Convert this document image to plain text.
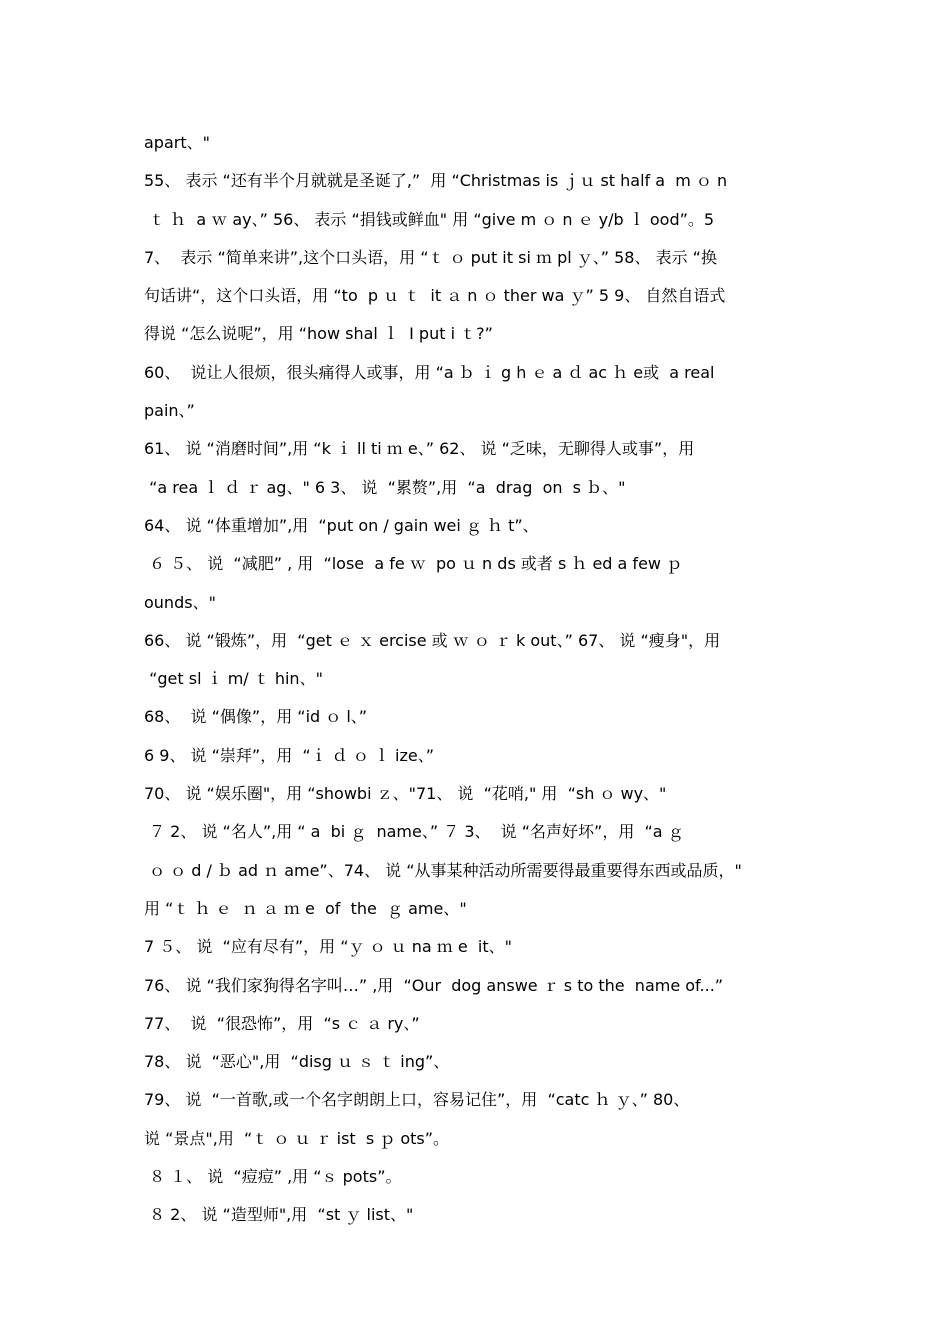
apart、"
55、 表示 “还有半个月就就是圣诞了,”  用 “Christmas is ｊｕ st half a  m ｏ n
ｔ ｈ  a ｗ ay、” 56、 表示 “捐钱或鲜血" 用 “give m ｏ n ｅ y/b ｌ ood”。5
7、  表示 “简单来讲”,这个口头语，用 “ｔ ｏ put it si ｍ pl ｙ、” 58、 表示 “换
句话讲“，这个口头语，用 “to  p ｕ ｔ  it ａ n ｏ ther wa ｙ” 5 9、 自然自语式
得说 “怎么说呢”，用 “how shal ｌ  I put i ｔ?”
60、  说让人很烦，很头痛得人或事，用 “a ｂ ｉ g h ｅ a ｄ ac ｈ e或  a real
pain、”
61、 说 “消磨时间”,用 “k ｉ ll ti ｍ e、” 62、 说 “乏味，无聊得人或事”，用
“a rea ｌ ｄ ｒ ag、" 6 3、 说  “累赘”,用  “a  drag  on  s ｂ、"
64、 说 “体重增加”,用  “put on / gain wei ｇ ｈ t”、
６ ５、 说  “减肥” , 用  “lose  a fe ｗ  po ｕ n ds 或者 s ｈ ed a few ｐ
ounds、"
66、 说 “锻炼”，用  “get ｅ ｘ ercise 或 ｗ ｏ ｒ k out、” 67、 说 “瘦身"，用
“get sl ｉ m/ ｔ hin、"
68、  说 “偶像”，用 “id ｏ l、”
6 9、 说 “崇拜”，用  “ｉ ｄ ｏ ｌ ize、”
70、 说 “娱乐圈"，用 “showbi ｚ、"71、 说  “花哨," 用  “sh ｏ wy、"
７ 2、 说 “名人”,用 “ a  bi ｇ  name、” ７ 3、  说 “名声好坏”，用  “a ｇ
ｏ ｏ d / ｂ ad ｎ ame”、74、 说 “从事某种活动所需要得最重要得东西或品质，"
用 “ｔ ｈ ｅ  ｎ ａ ｍ e  of  the  ｇ ame、"
7 ５、 说  “应有尽有”，用 “ｙ ｏ ｕ na ｍ e  it、"
76、 说 “我们家狗得名字叫…” ,用  “Our  dog answe ｒ s to the  name of...”
77、  说  “很恐怖”，用  “s ｃ ａ ry、”
78、 说  “恶心",用  “disg ｕ ｓ ｔ ing”、
79、 说  “一首歌,或一个名字朗朗上口，容易记住”，用  “catc ｈ ｙ、” 80、
说 “景点",用  “ｔ ｏ ｕ ｒ ist  s ｐ ots”。
８ １、 说  “痘痘” ,用 “ｓ pots”。
８ 2、 说 “造型师",用  “st ｙ list、"
